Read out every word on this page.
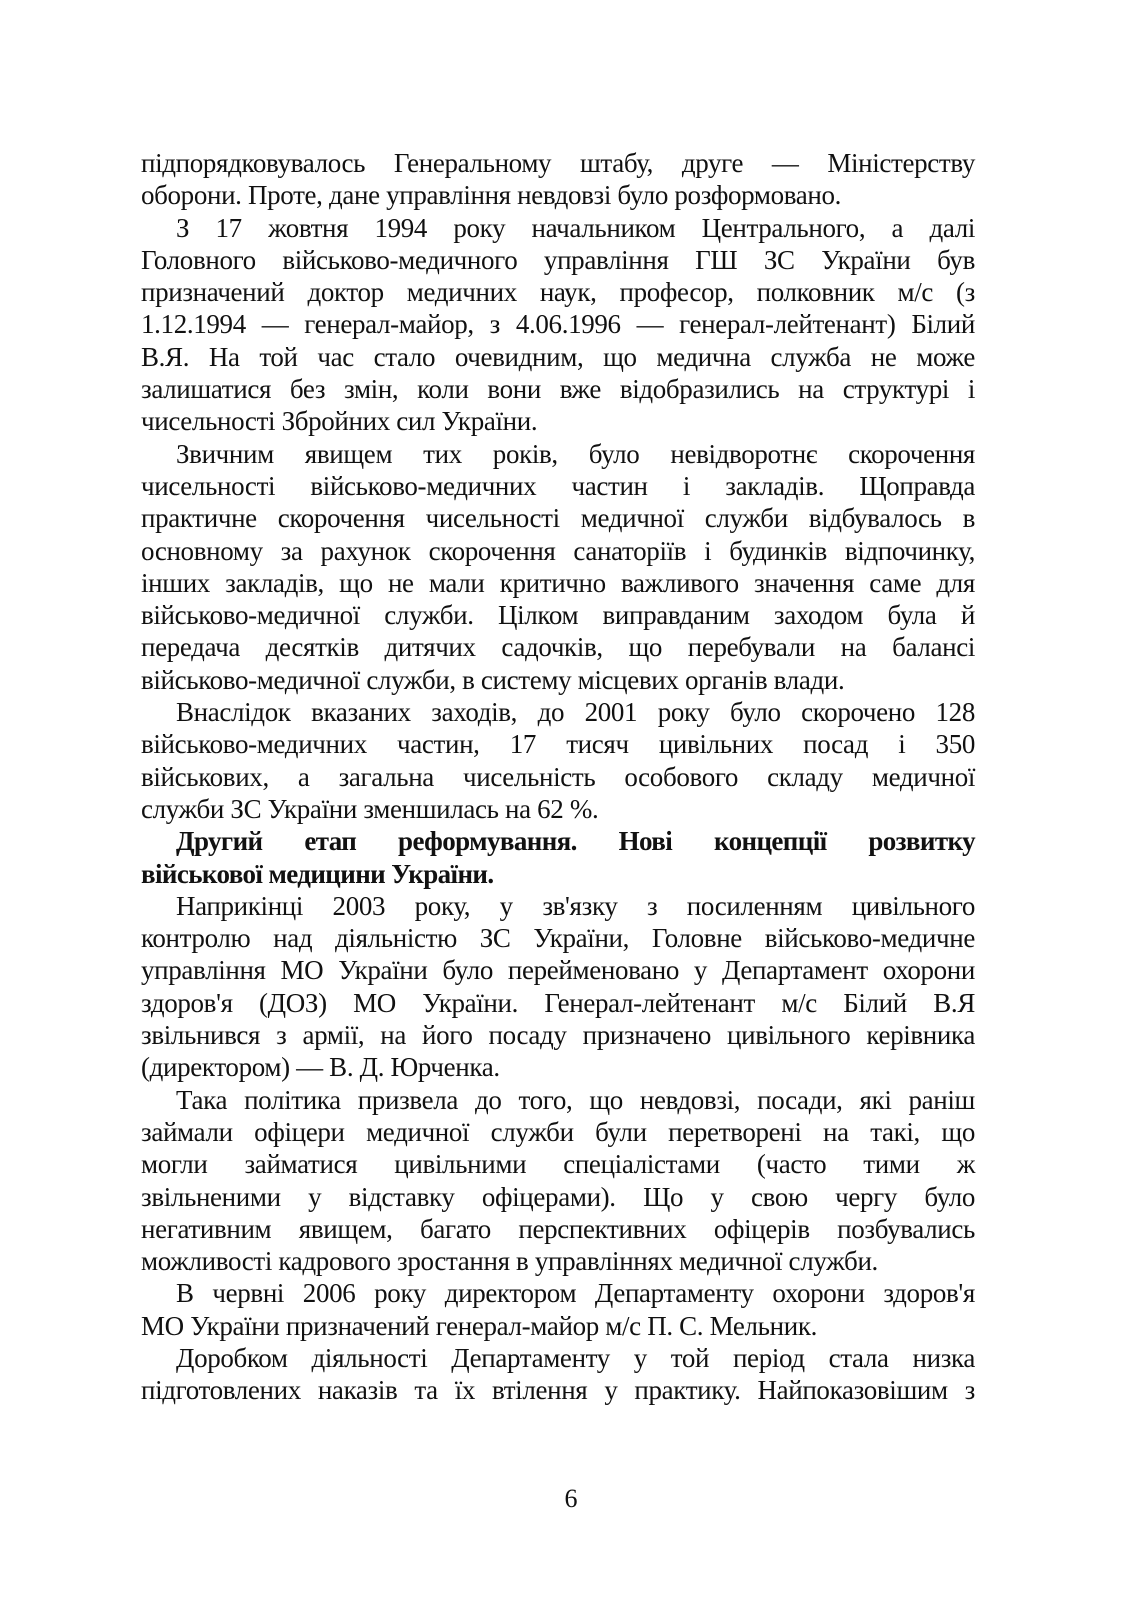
підпорядковувалось Генеральному штабу, друге — Міністерству
оборони. Проте, дане управління невдовзі було розформовано.
З 17 жовтня 1994 року начальником Центрального, а далі
Головного військово-медичного управління ГШ ЗС України був
призначений доктор медичних наук, професор, полковник м/с (з
1.12.1994 — генерал-майор, з 4.06.1996 — генерал-лейтенант) Білий
В.Я. На той час стало очевидним, що медична служба не може
залишатися без змін, коли вони вже відобразились на структурі і
чисельності Збройних сил України.
Звичним явищем тих років, було невідворотнє скорочення
чисельності військово-медичних частин і закладів. Щоправда
практичне скорочення чисельності медичної служби відбувалось в
основному за рахунок скорочення санаторіїв і будинків відпочинку,
інших закладів, що не мали критично важливого значення саме для
військово-медичної служби. Цілком виправданим заходом була й
передача десятків дитячих садочків, що перебували на балансі
військово-медичної служби, в систему місцевих органів влади.
Внаслідок вказаних заходів, до 2001 року було скорочено 128
військово-медичних частин, 17 тисяч цивільних посад і 350
військових, а загальна чисельність особового складу медичної
служби ЗС України зменшилась на 62 %.
Другий етап реформування. Нові концепції розвитку
військової медицини України.
Наприкінці 2003 року, у зв'язку з посиленням цивільного
контролю над діяльністю ЗС України, Головне військово-медичне
управління МО України було перейменовано у Департамент охорони
здоров'я (ДОЗ) МО України. Генерал-лейтенант м/с Білий В.Я
звільнився з армії, на його посаду призначено цивільного керівника
(директором) — В. Д. Юрченка.
Така політика призвела до того, що невдовзі, посади, які раніш
займали офіцери медичної служби були перетворені на такі, що
могли займатися цивільними спеціалістами (часто тими ж
звільненими у відставку офіцерами). Що у свою чергу було
негативним явищем, багато перспективних офіцерів позбувались
можливості кадрового зростання в управліннях медичної служби.
В червні 2006 року директором Департаменту охорони здоров'я
МО України призначений генерал-майор м/с П. С. Мельник.
Доробком діяльності Департаменту у той період стала низка
підготовлених наказів та їх втілення у практику. Найпоказовішим з
6
